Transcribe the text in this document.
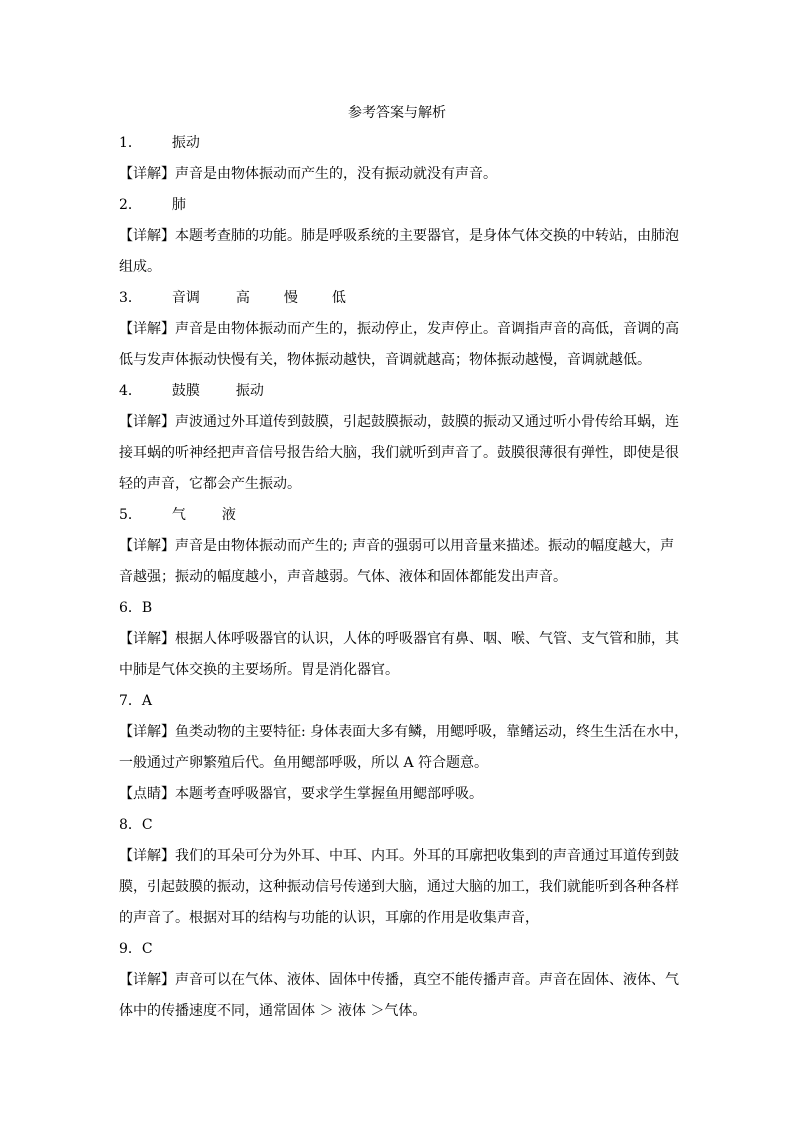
参考答案与解析
1． 振动
【详解】声音是由物体振动而产生的，没有振动就没有声音。
2． 肺
【详解】本题考查肺的功能。肺是呼吸系统的主要器官，是身体气体交换的中转站，由肺泡
组成。
3． 音调	高 慢 低
【详解】声音是由物体振动而产生的，振动停止，发声停止。音调指声音的高低，音调的高
低与发声体振动快慢有关，物体振动越快，音调就越高；物体振动越慢，音调就越低。
4． 鼓膜	振动
【详解】声波通过外耳道传到鼓膜，引起鼓膜振动，鼓膜的振动又通过听小骨传给耳蜗，连
接耳蜗的听神经把声音信号报告给大脑，我们就听到声音了。鼓膜很薄很有弹性，即使是很
轻的声音，它都会产生振动。
5． 气	液
【详解】声音是由物体振动而产生的; 声音的强弱可以用音量来描述。振动的幅度越大，声
音越强；振动的幅度越小，声音越弱。气体、液体和固体都能发出声音。
6．B
【详解】根据人体呼吸器官的认识，人体的呼吸器官有鼻、咽、喉、气管、支气管和肺，其
中肺是气体交换的主要场所。胃是消化器官。
7．A
【详解】鱼类动物的主要特征: 身体表面大多有鳞，用鳃呼吸，靠鳍运动，终生生活在水中，
一般通过产卵繁殖后代。鱼用鳃部呼吸，所以 A 符合题意。
【点睛】本题考查呼吸器官，要求学生掌握鱼用鳃部呼吸。
8．C
【详解】我们的耳朵可分为外耳、中耳、内耳。外耳的耳廓把收集到的声音通过耳道传到鼓
膜，引起鼓膜的振动，这种振动信号传递到大脑，通过大脑的加工，我们就能听到各种各样
的声音了。根据对耳的结构与功能的认识，耳廓的作用是收集声音，
9．C
【详解】声音可以在气体、液体、固体中传播，真空不能传播声音。声音在固体、液体、气
体中的传播速度不同，通常固体 ＞ 液体 ＞气体。
